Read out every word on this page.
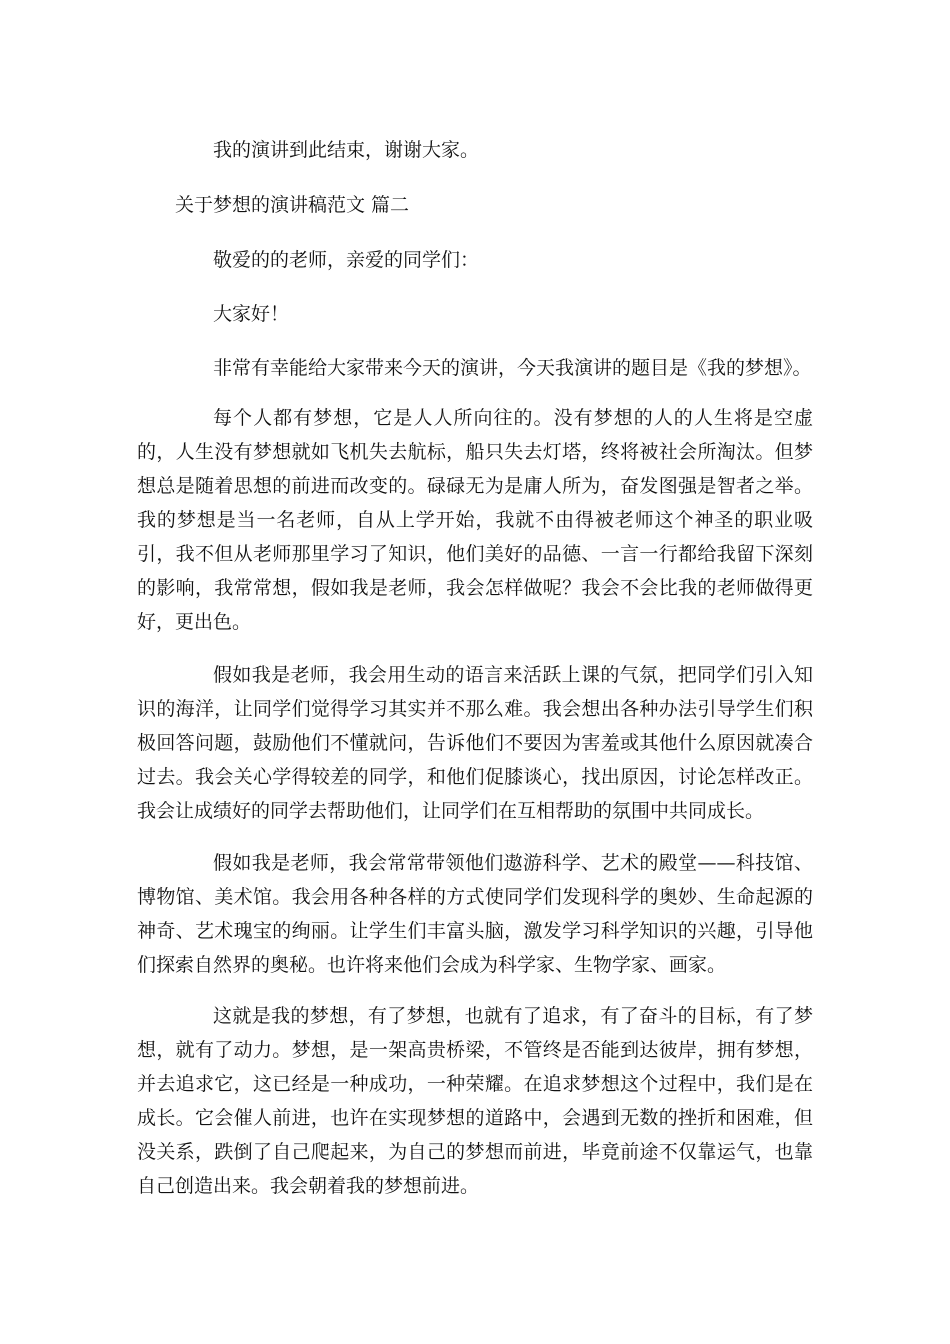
我的演讲到此结束，谢谢大家。
关于梦想的演讲稿范文 篇二
敬爱的的老师，亲爱的同学们：
大家好！
非常有幸能给大家带来今天的演讲，今天我演讲的题目是《我的梦想》。
每个人都有梦想，它是人人所向往的。没有梦想的人的人生将是空虚的，人生没有梦想就如飞机失去航标，船只失去灯塔，终将被社会所淘汰。但梦想总是随着思想的前进而改变的。碌碌无为是庸人所为，奋发图强是智者之举。我的梦想是当一名老师，自从上学开始，我就不由得被老师这个神圣的职业吸引，我不但从老师那里学习了知识，他们美好的品德、一言一行都给我留下深刻的影响，我常常想，假如我是老师，我会怎样做呢？我会不会比我的老师做得更好，更出色。
假如我是老师，我会用生动的语言来活跃上课的气氛，把同学们引入知识的海洋，让同学们觉得学习其实并不那么难。我会想出各种办法引导学生们积极回答问题，鼓励他们不懂就问，告诉他们不要因为害羞或其他什么原因就凑合过去。我会关心学得较差的同学，和他们促膝谈心，找出原因，讨论怎样改正。我会让成绩好的同学去帮助他们，让同学们在互相帮助的氛围中共同成长。
假如我是老师，我会常常带领他们遨游科学、艺术的殿堂——科技馆、博物馆、美术馆。我会用各种各样的方式使同学们发现科学的奥妙、生命起源的神奇、艺术瑰宝的绚丽。让学生们丰富头脑，激发学习科学知识的兴趣，引导他们探索自然界的奥秘。也许将来他们会成为科学家、生物学家、画家。
这就是我的梦想，有了梦想，也就有了追求，有了奋斗的目标，有了梦想，就有了动力。梦想，是一架高贵桥梁，不管终是否能到达彼岸，拥有梦想，并去追求它，这已经是一种成功，一种荣耀。在追求梦想这个过程中，我们是在成长。它会催人前进，也许在实现梦想的道路中，会遇到无数的挫折和困难，但没关系，跌倒了自己爬起来，为自己的梦想而前进，毕竟前途不仅靠运气，也靠自己创造出来。我会朝着我的梦想前进。
